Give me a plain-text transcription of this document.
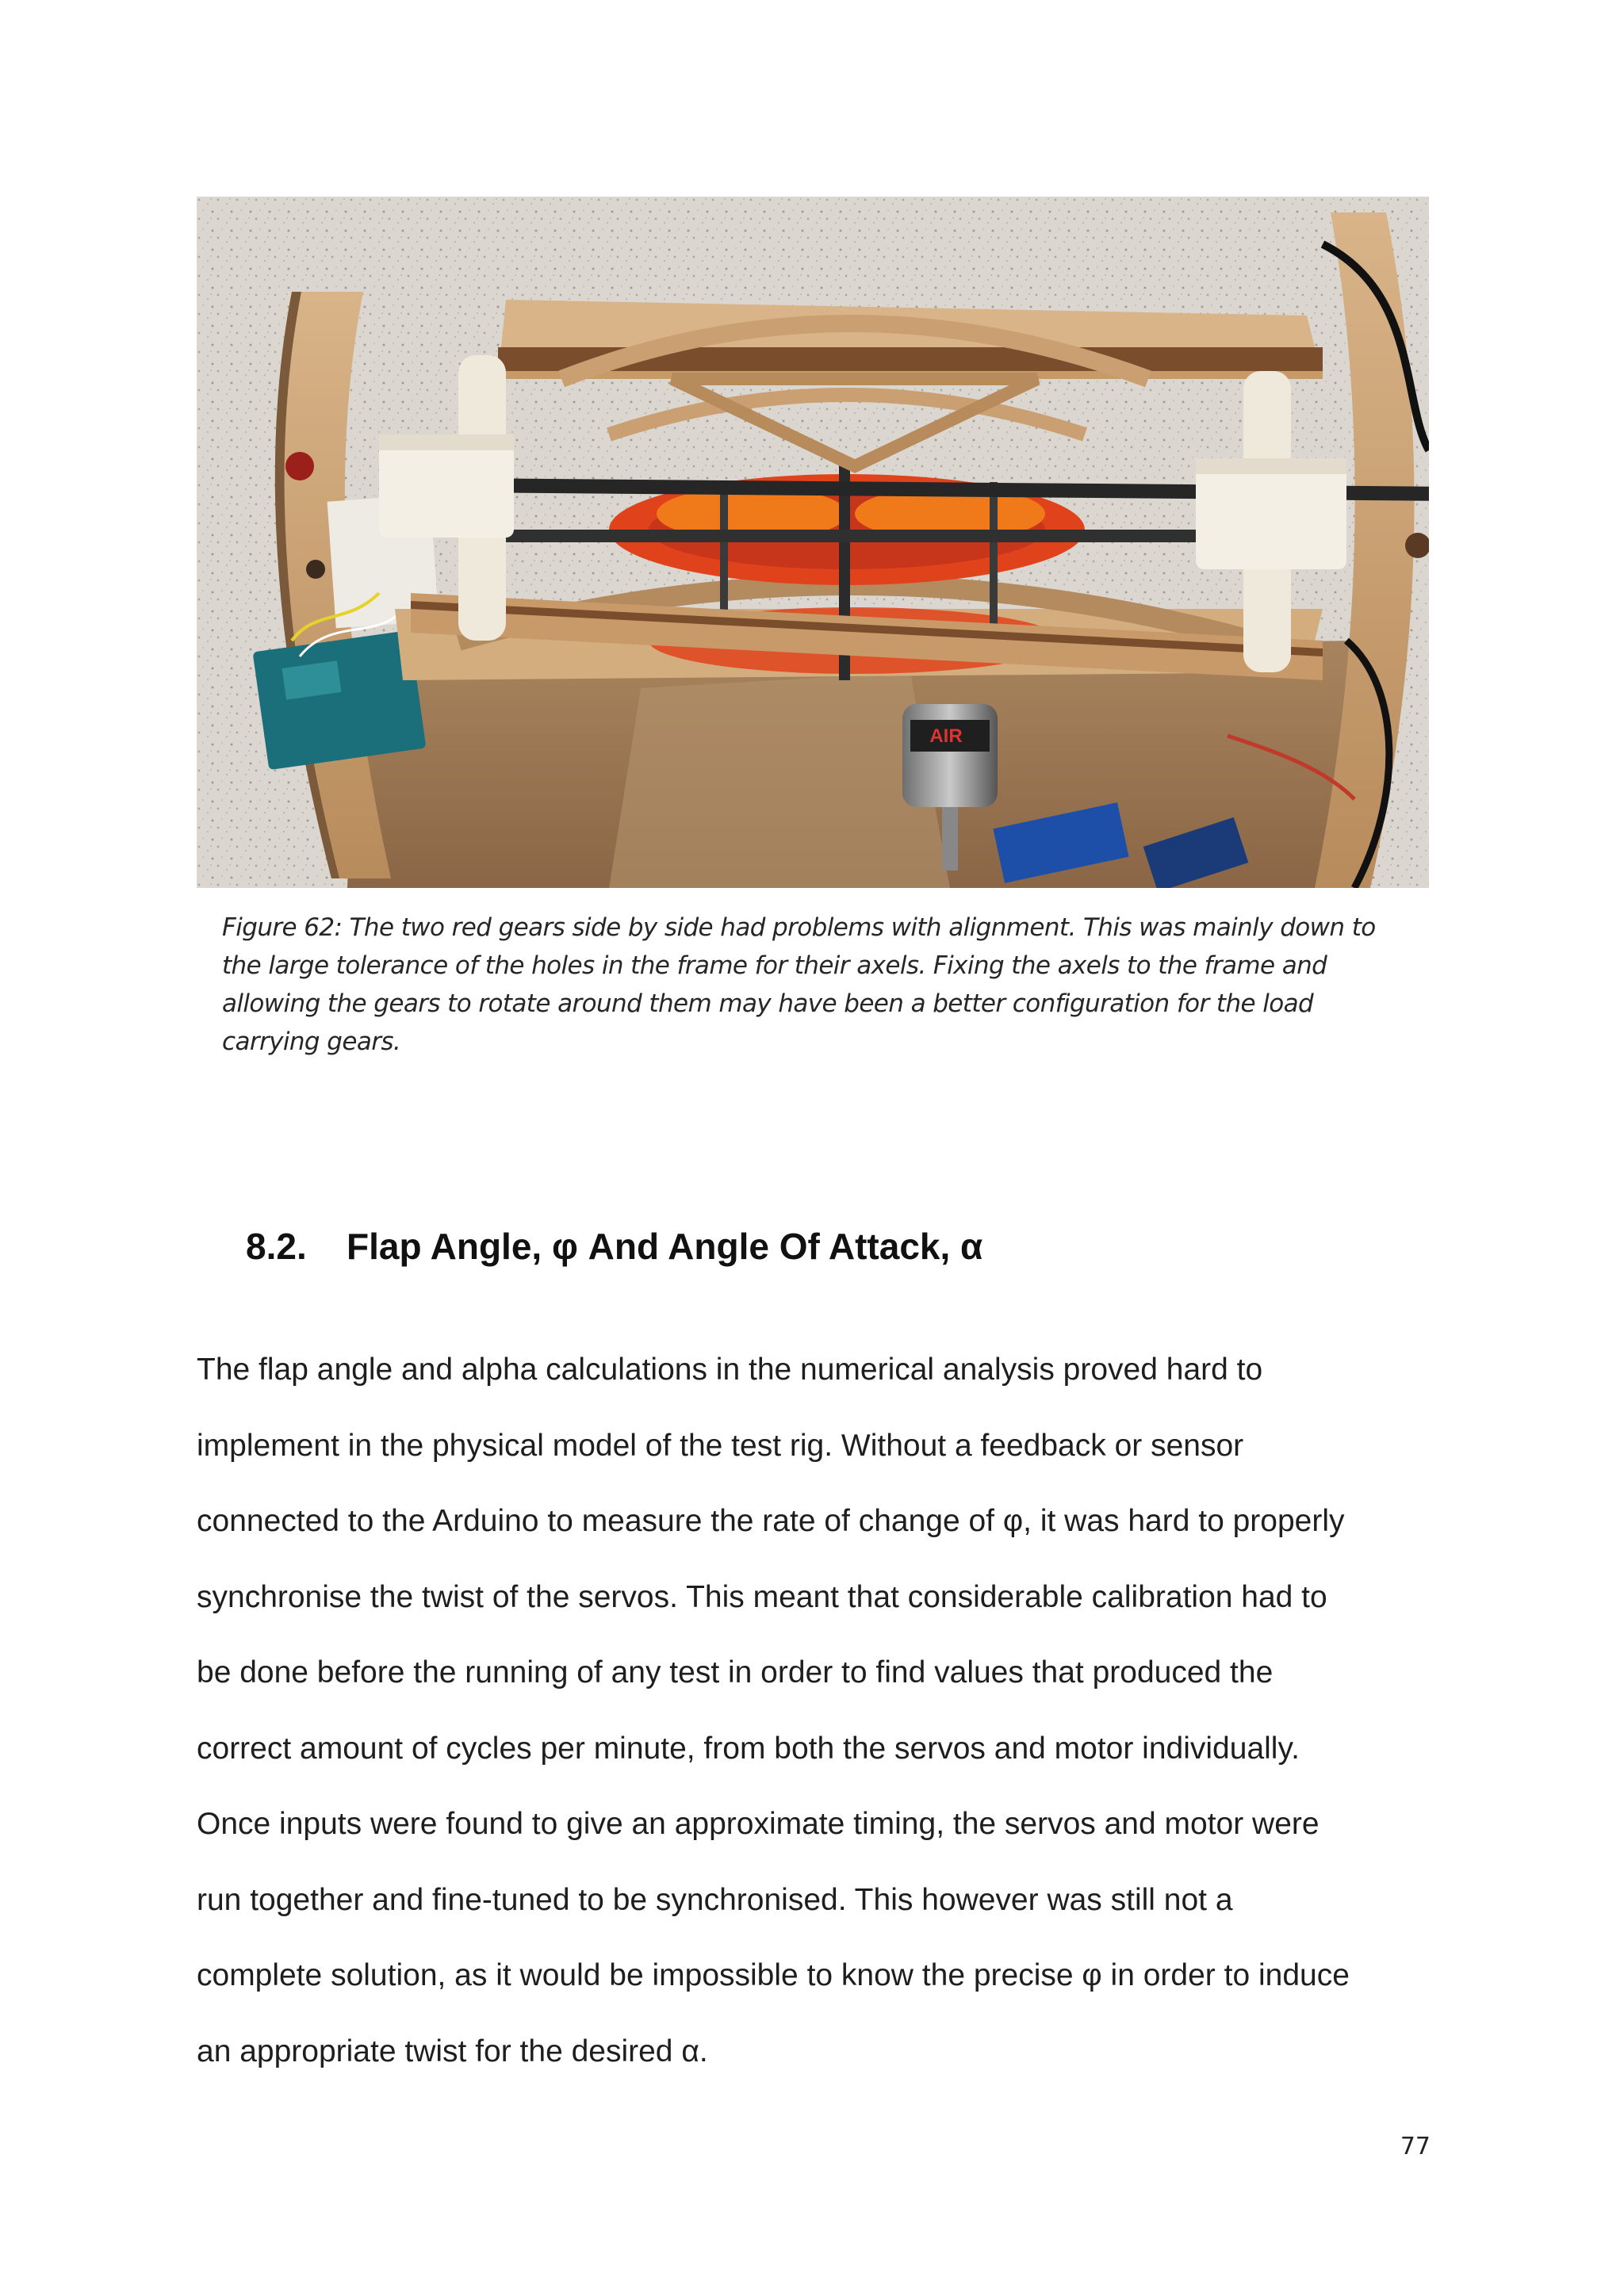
AIR
Figure 62: The two red gears side by side had problems with alignment. This was mainly down to
the large tolerance of the holes in the frame for their axels. Fixing the axels to the frame and
allowing the gears to rotate around them may have been a better configuration for the load
carrying gears.
8.2. Flap Angle, φ And Angle Of Attack, α
The flap angle and alpha calculations in the numerical analysis proved hard to
implement in the physical model of the test rig. Without a feedback or sensor
connected to the Arduino to measure the rate of change of φ, it was hard to properly
synchronise the twist of the servos. This meant that considerable calibration had to
be done before the running of any test in order to find values that produced the
correct amount of cycles per minute, from both the servos and motor individually.
Once inputs were found to give an approximate timing, the servos and motor were
run together and fine-tuned to be synchronised. This however was still not a
complete solution, as it would be impossible to know the precise φ in order to induce
an appropriate twist for the desired α.
77
